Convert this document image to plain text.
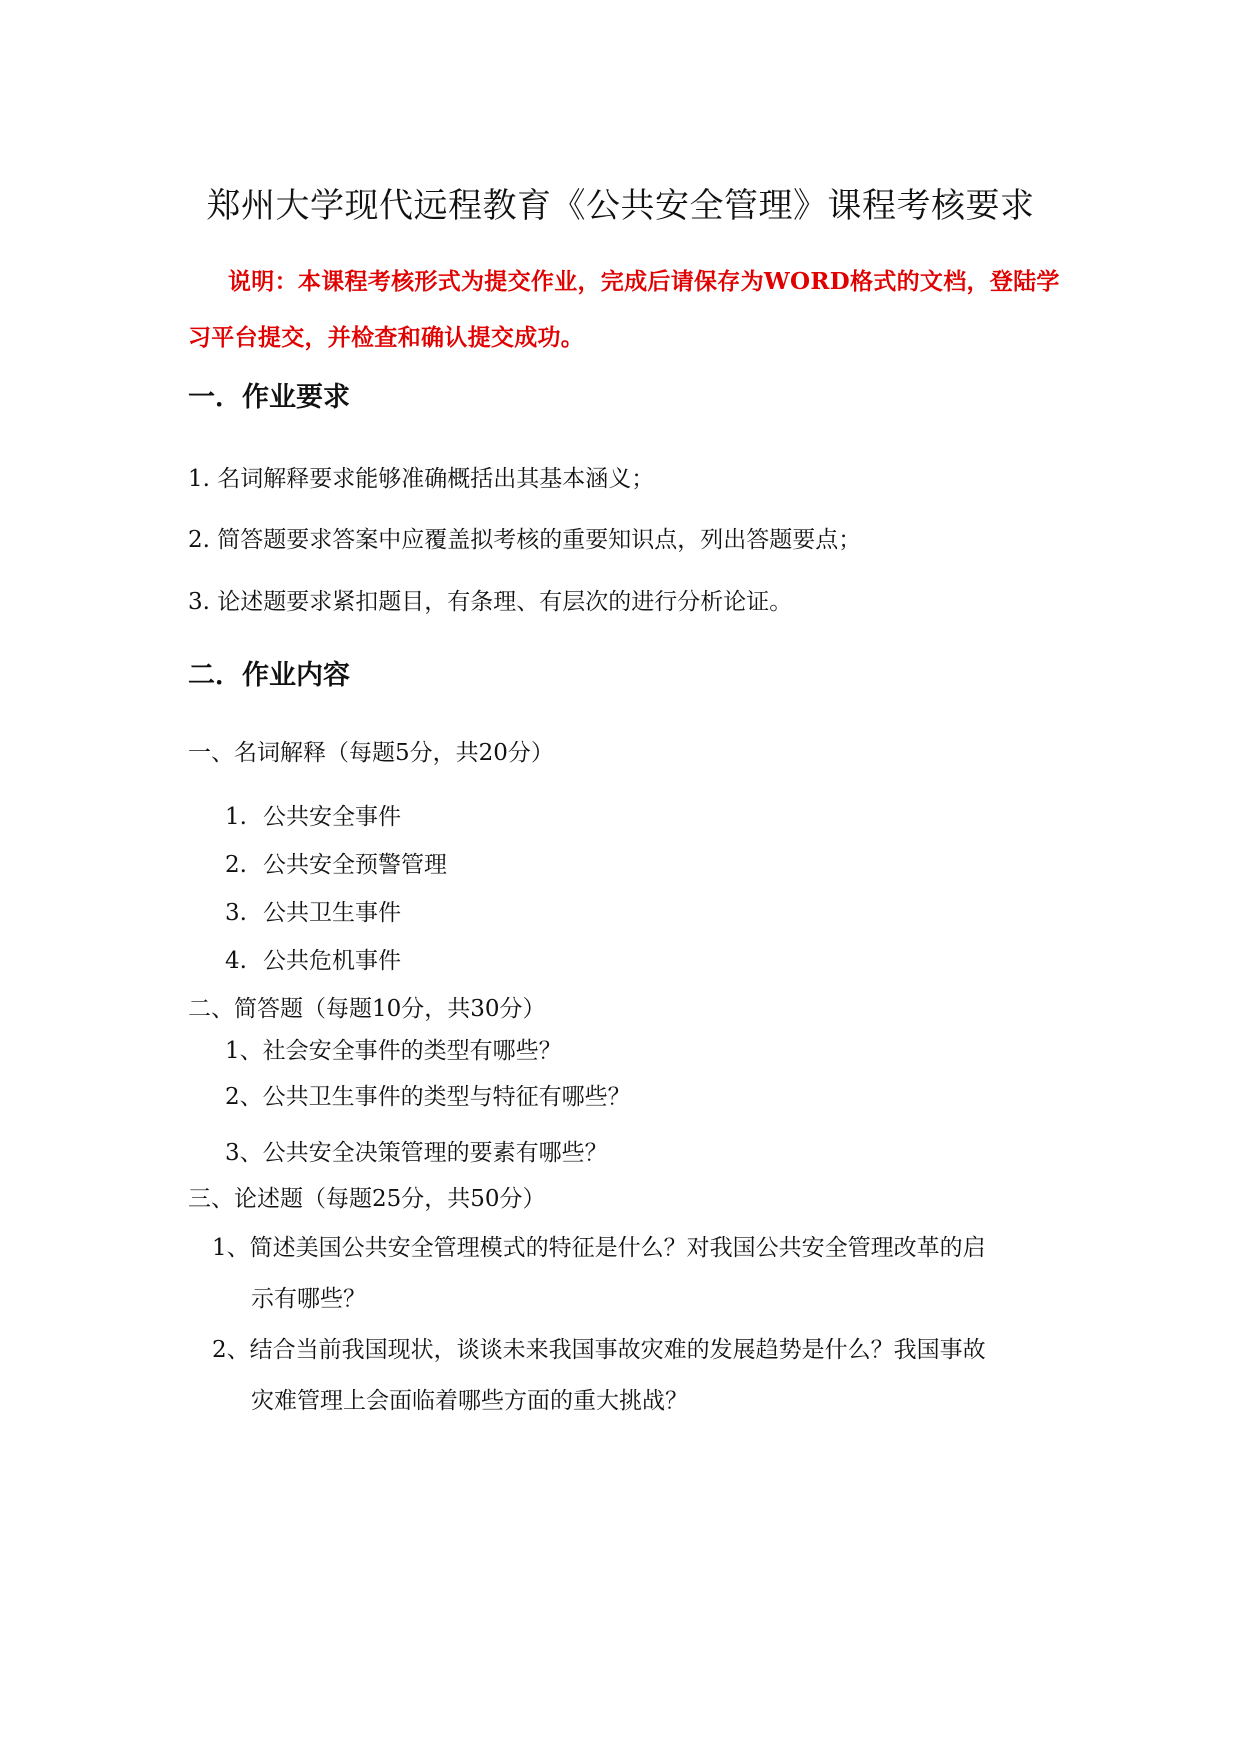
郑州大学现代远程教育《公共安全管理》课程考核要求
说明：本课程考核形式为提交作业，完成后请保存为WORD格式的文档，登陆学习平台提交，并检查和确认提交成功。
一．作业要求
1. 名词解释要求能够准确概括出其基本涵义；
2. 简答题要求答案中应覆盖拟考核的重要知识点，列出答题要点；
3. 论述题要求紧扣题目，有条理、有层次的进行分析论证。
二．作业内容
一、名词解释（每题5分，共20分）
1. 公共安全事件
2. 公共安全预警管理
3. 公共卫生事件
4. 公共危机事件
二、简答题（每题10分，共30分）
1、社会安全事件的类型有哪些？
2、公共卫生事件的类型与特征有哪些？
3、公共安全决策管理的要素有哪些？
三、论述题（每题25分，共50分）
1、简述美国公共安全管理模式的特征是什么？对我国公共安全管理改革的启
示有哪些？
2、结合当前我国现状，谈谈未来我国事故灾难的发展趋势是什么？我国事故
灾难管理上会面临着哪些方面的重大挑战？
